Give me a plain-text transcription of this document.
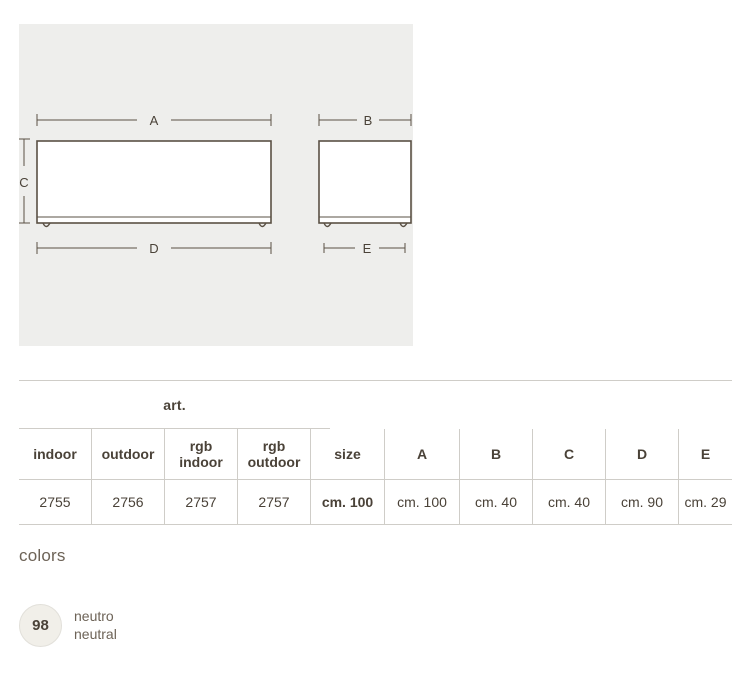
A
C
D
B
E
art.
indoor
2755
outdoor
2756
rgb
indoor
2757
rgb
outdoor
2757
size
cm. 100
A
cm. 100
B
cm. 40
C
cm. 40
D
cm. 90
E
cm. 29
colors
98
neutro
neutral
